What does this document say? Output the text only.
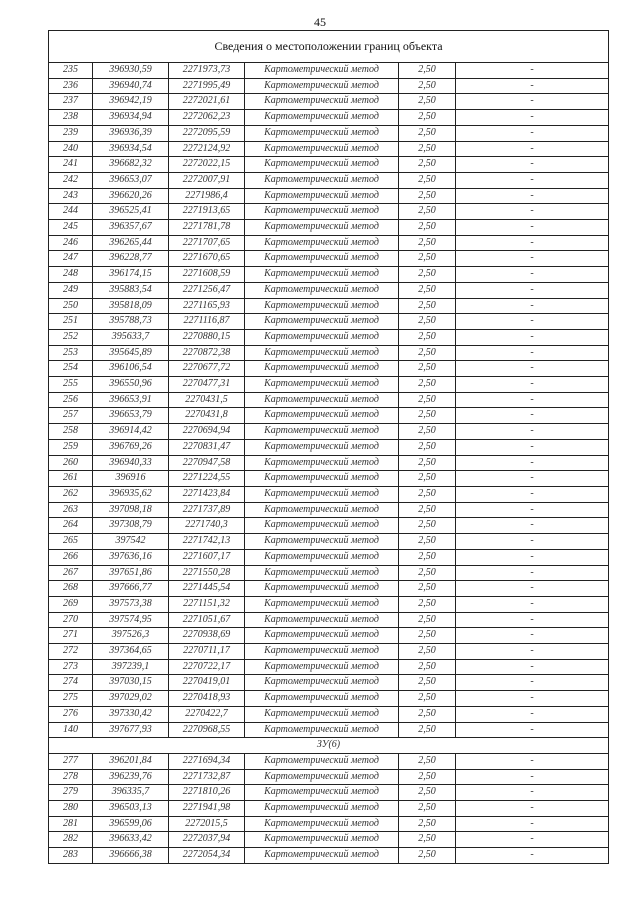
45
Сведения о местоположении границ объекта					
235	396930,59	2271973,73	Картометрический метод	2,50	-
236	396940,74	2271995,49	Картометрический метод	2,50	-
237	396942,19	2272021,61	Картометрический метод	2,50	-
238	396934,94	2272062,23	Картометрический метод	2,50	-
239	396936,39	2272095,59	Картометрический метод	2,50	-
240	396934,54	2272124,92	Картометрический метод	2,50	-
241	396682,32	2272022,15	Картометрический метод	2,50	-
242	396653,07	2272007,91	Картометрический метод	2,50	-
243	396620,26	2271986,4	Картометрический метод	2,50	-
244	396525,41	2271913,65	Картометрический метод	2,50	-
245	396357,67	2271781,78	Картометрический метод	2,50	-
246	396265,44	2271707,65	Картометрический метод	2,50	-
247	396228,77	2271670,65	Картометрический метод	2,50	-
248	396174,15	2271608,59	Картометрический метод	2,50	-
249	395883,54	2271256,47	Картометрический метод	2,50	-
250	395818,09	2271165,93	Картометрический метод	2,50	-
251	395788,73	2271116,87	Картометрический метод	2,50	-
252	395633,7	2270880,15	Картометрический метод	2,50	-
253	395645,89	2270872,38	Картометрический метод	2,50	-
254	396106,54	2270677,72	Картометрический метод	2,50	-
255	396550,96	2270477,31	Картометрический метод	2,50	-
256	396653,91	2270431,5	Картометрический метод	2,50	-
257	396653,79	2270431,8	Картометрический метод	2,50	-
258	396914,42	2270694,94	Картометрический метод	2,50	-
259	396769,26	2270831,47	Картометрический метод	2,50	-
260	396940,33	2270947,58	Картометрический метод	2,50	-
261	396916	2271224,55	Картометрический метод	2,50	-
262	396935,62	2271423,84	Картометрический метод	2,50	-
263	397098,18	2271737,89	Картометрический метод	2,50	-
264	397308,79	2271740,3	Картометрический метод	2,50	-
265	397542	2271742,13	Картометрический метод	2,50	-
266	397636,16	2271607,17	Картометрический метод	2,50	-
267	397651,86	2271550,28	Картометрический метод	2,50	-
268	397666,77	2271445,54	Картометрический метод	2,50	-
269	397573,38	2271151,32	Картометрический метод	2,50	-
270	397574,95	2271051,67	Картометрический метод	2,50	-
271	397526,3	2270938,69	Картометрический метод	2,50	-
272	397364,65	2270711,17	Картометрический метод	2,50	-
273	397239,1	2270722,17	Картометрический метод	2,50	-
274	397030,15	2270419,01	Картометрический метод	2,50	-
275	397029,02	2270418,93	Картометрический метод	2,50	-
276	397330,42	2270422,7	Картометрический метод	2,50	-
140	397677,93	2270968,55	Картометрический метод	2,50	-
ЗУ(6)					
277	396201,84	2271694,34	Картометрический метод	2,50	-
278	396239,76	2271732,87	Картометрический метод	2,50	-
279	396335,7	2271810,26	Картометрический метод	2,50	-
280	396503,13	2271941,98	Картометрический метод	2,50	-
281	396599,06	2272015,5	Картометрический метод	2,50	-
282	396633,42	2272037,94	Картометрический метод	2,50	-
283	396666,38	2272054,34	Картометрический метод	2,50	-
